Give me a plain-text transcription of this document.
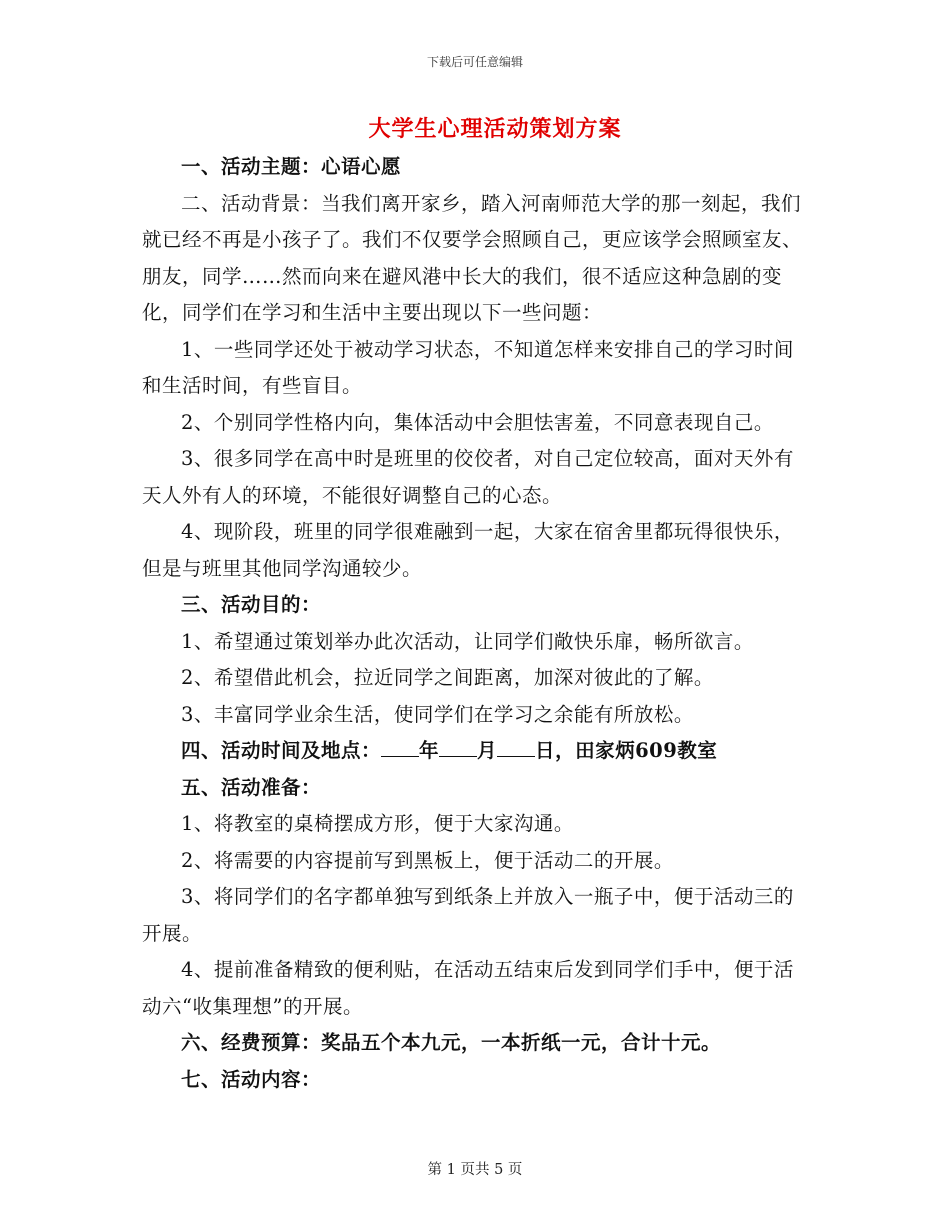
下载后可任意编辑
大学生心理活动策划方案

一、活动主题：心语心愿

二、活动背景：当我们离开家乡，踏入河南师范大学的那一刻起，我们就已经不再是小孩子了。我们不仅要学会照顾自己，更应该学会照顾室友、朋友，同学……然而向来在避风港中长大的我们，很不适应这种急剧的变化，同学们在学习和生活中主要出现以下一些问题：

1、一些同学还处于被动学习状态，不知道怎样来安排自己的学习时间和生活时间，有些盲目。

2、个别同学性格内向，集体活动中会胆怯害羞，不同意表现自己。

3、很多同学在高中时是班里的佼佼者，对自己定位较高，面对天外有天人外有人的环境，不能很好调整自己的心态。

4、现阶段，班里的同学很难融到一起，大家在宿舍里都玩得很快乐，但是与班里其他同学沟通较少。

三、活动目的：

1、希望通过策划举办此次活动，让同学们敞快乐扉，畅所欲言。

2、希望借此机会，拉近同学之间距离，加深对彼此的了解。

3、丰富同学业余生活，使同学们在学习之余能有所放松。

四、活动时间及地点： 年 月 日，田家炳609教室

五、活动准备：

1、将教室的桌椅摆成方形，便于大家沟通。

2、将需要的内容提前写到黑板上，便于活动二的开展。

3、将同学们的名字都单独写到纸条上并放入一瓶子中，便于活动三的开展。

4、提前准备精致的便利贴，在活动五结束后发到同学们手中，便于活动六“收集理想”的开展。

六、经费预算：奖品五个本九元，一本折纸一元，合计十元。

七、活动内容：

第 1 页共 5 页
